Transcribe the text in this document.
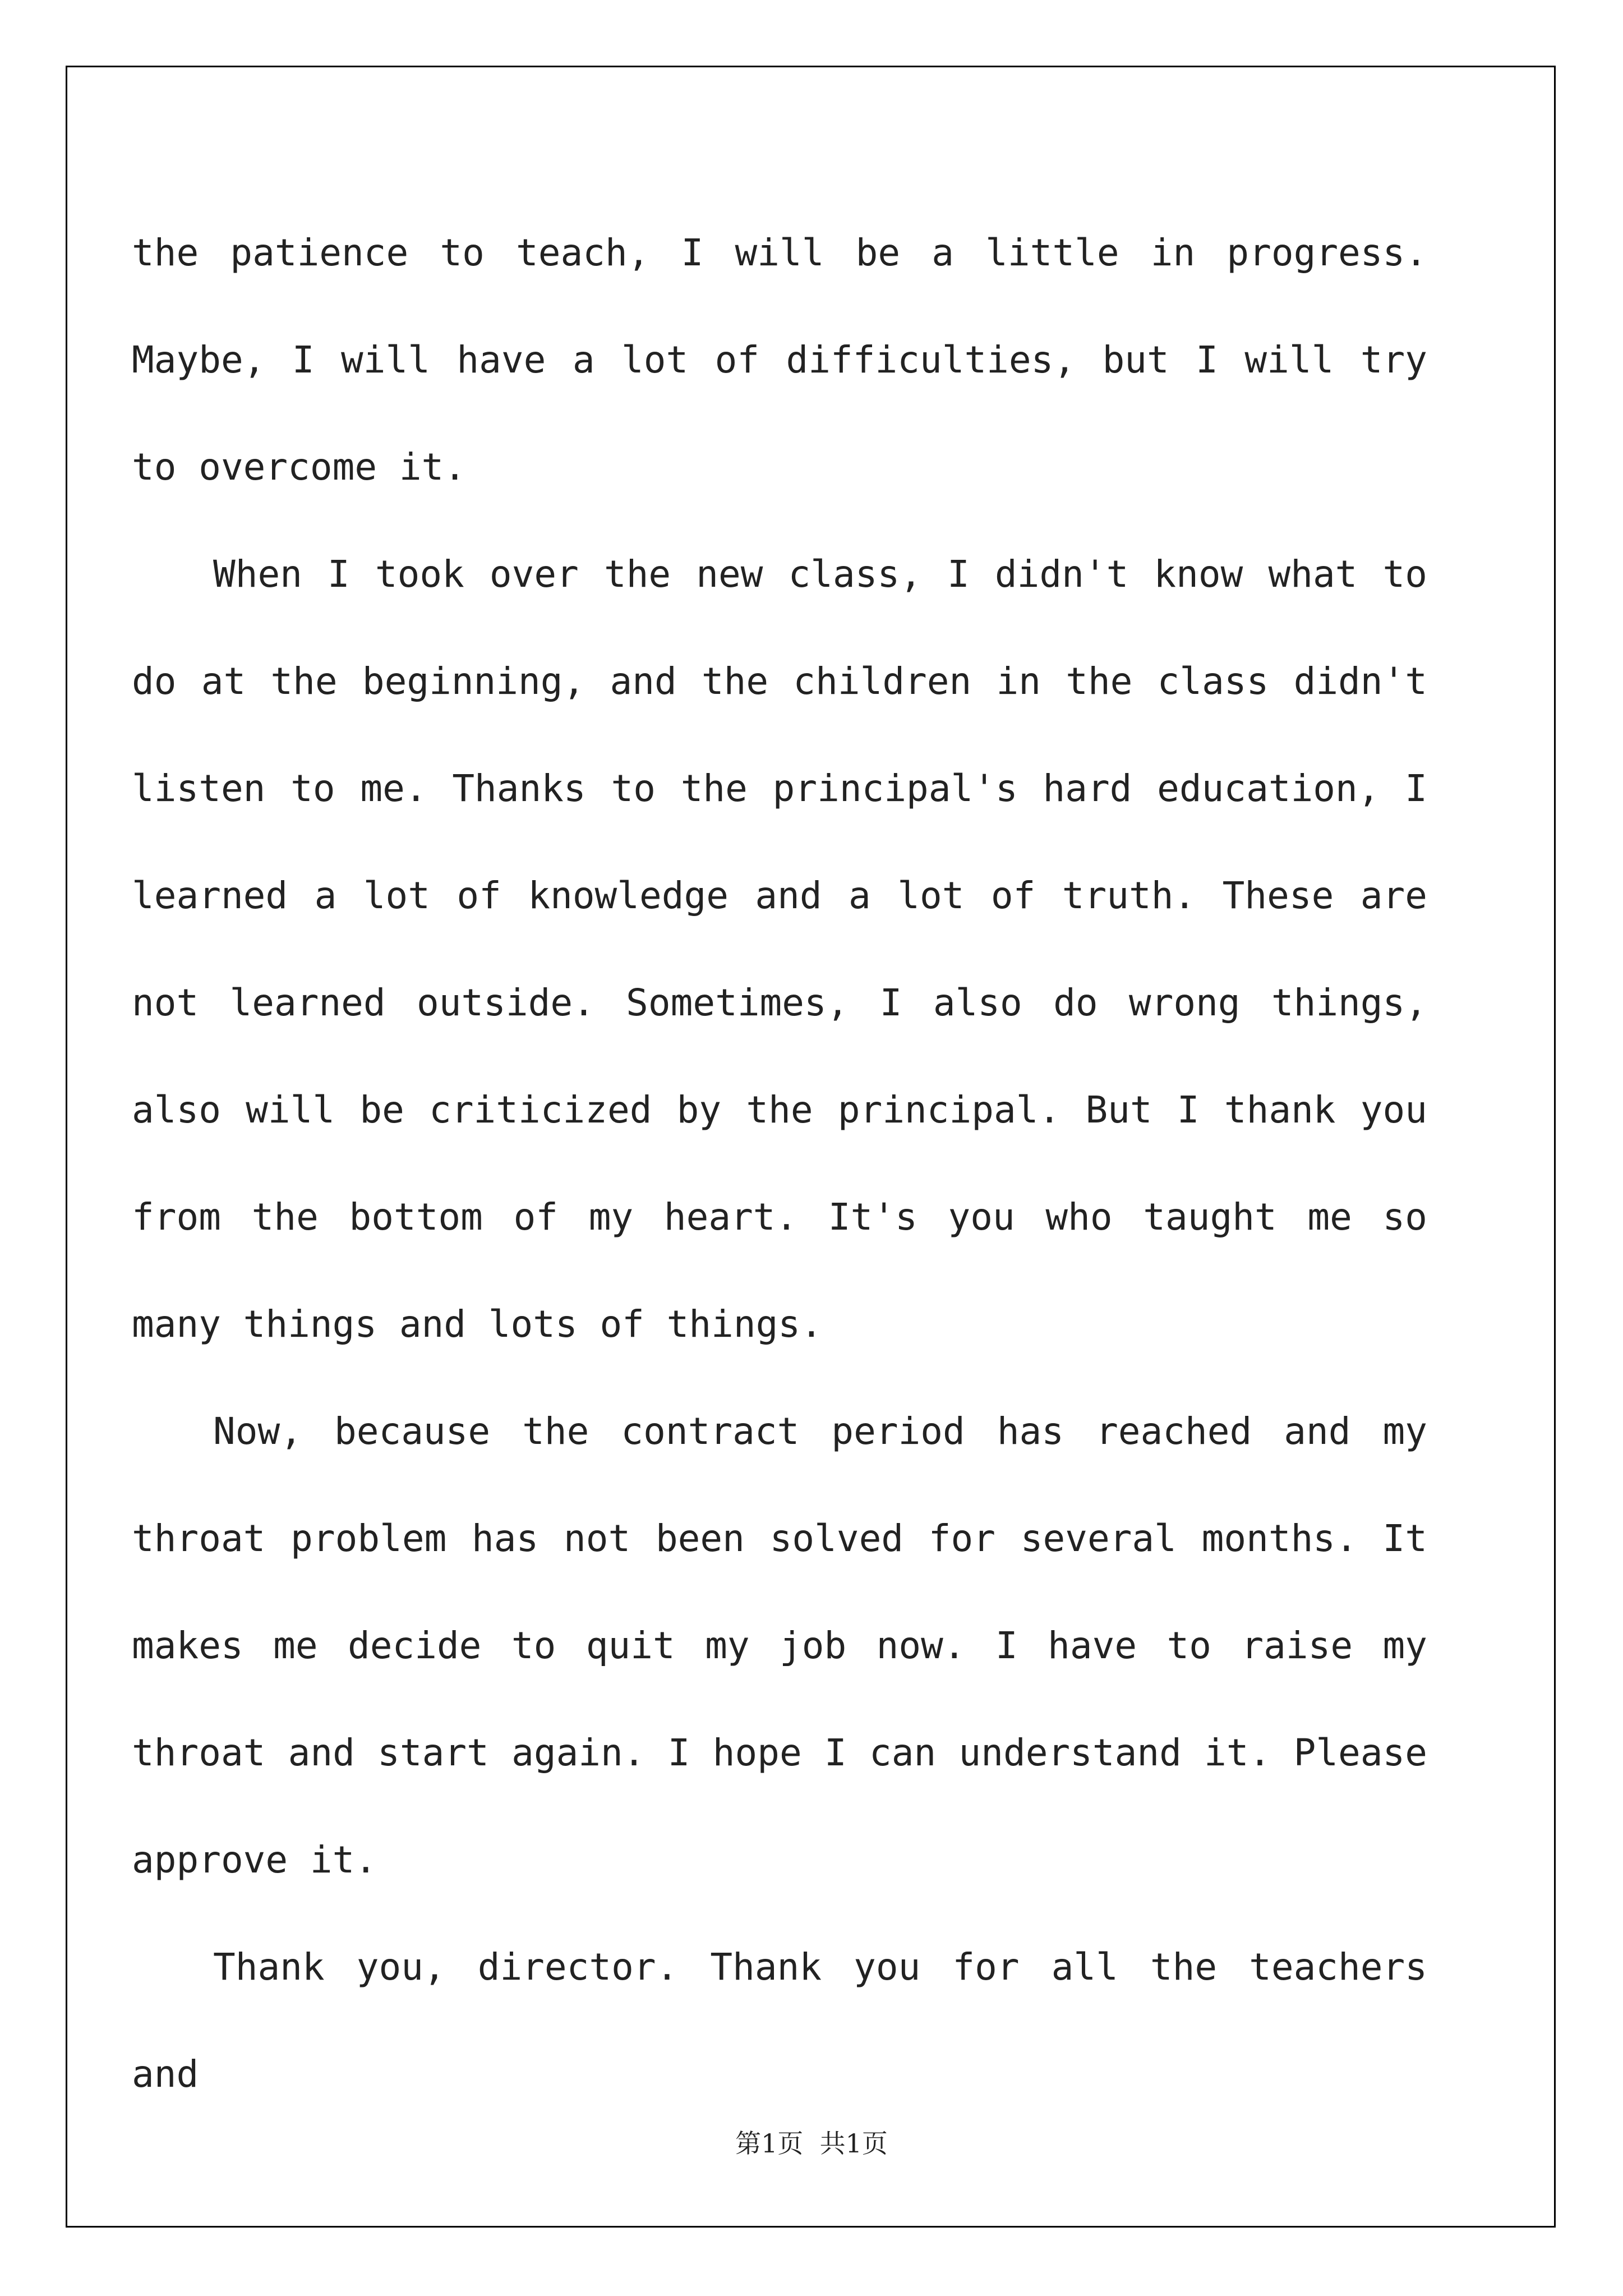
the patience to teach, I will be a little in progress. Maybe, I will have a lot of difficulties, but I will try to overcome it.

When I took over the new class, I didn't know what to do at the beginning, and the children in the class didn't listen to me. Thanks to the principal's hard education, I learned a lot of knowledge and a lot of truth. These are not learned outside. Sometimes, I also do wrong things, also will be criticized by the principal. But I thank you from the bottom of my heart. It's you who taught me so many things and lots of things.

Now, because the contract period has reached and my throat problem has not been solved for several months. It makes me decide to quit my job now. I have to raise my throat and start again. I hope I can understand it. Please approve it.

Thank you, director. Thank you for all the teachers and

第1页  共1页
